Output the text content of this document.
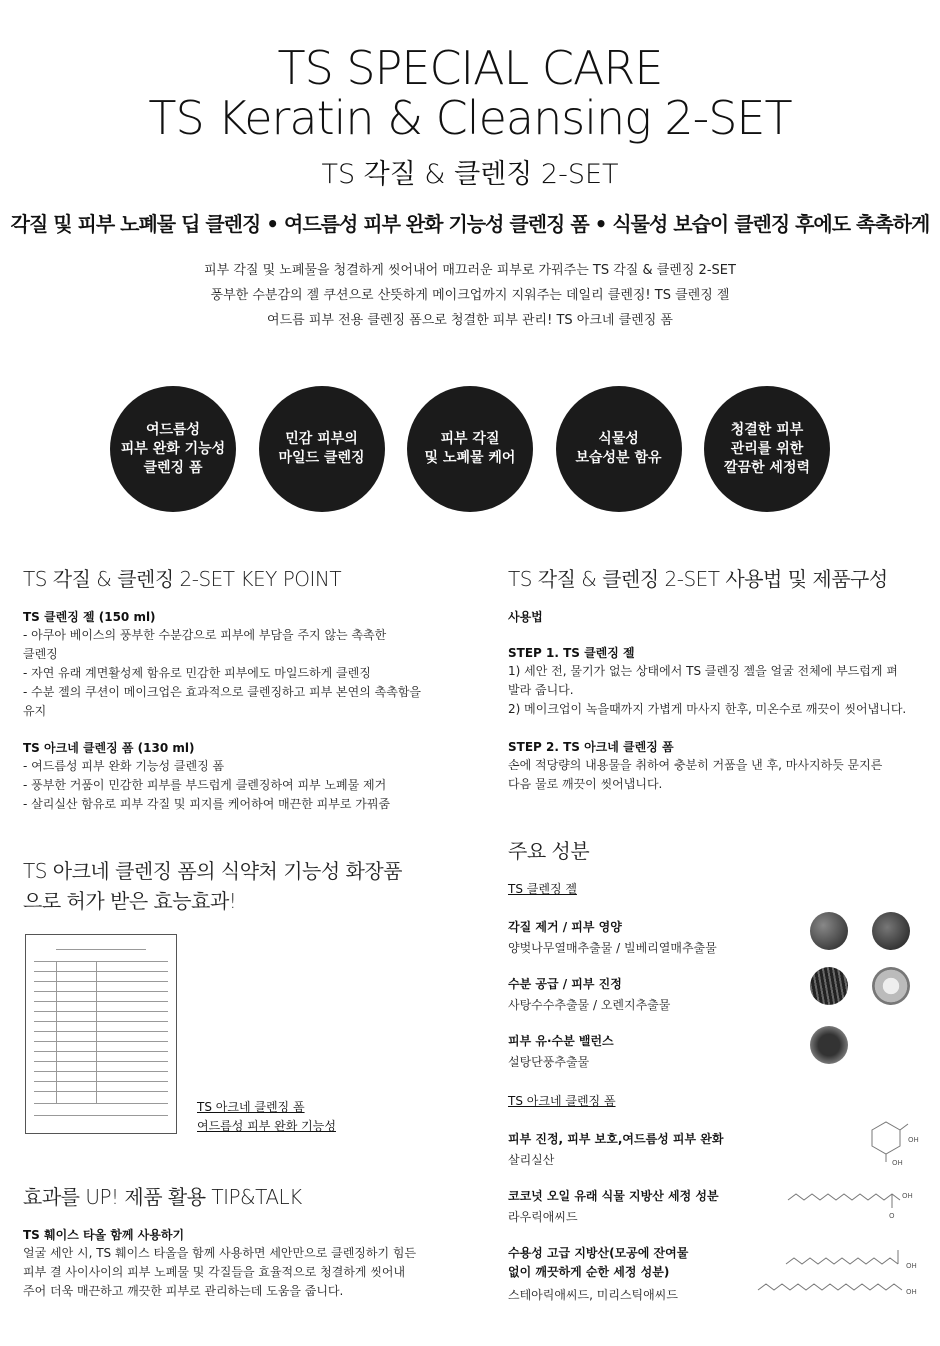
TS SPECIAL CARE
TS Keratin & Cleansing 2-SET
TS 각질 & 클렌징 2-SET
각질 및 피부 노폐물 딥 클렌징 • 여드름성 피부 완화 기능성 클렌징 폼 • 식물성 보습이 클렌징 후에도 촉촉하게
피부 각질 및 노폐물을 청결하게 씻어내어 매끄러운 피부로 가꿔주는 TS 각질 & 클렌징 2-SET
풍부한 수분감의 젤 쿠션으로 산뜻하게 메이크업까지 지워주는 데일리 클렌징! TS 클렌징 젤
여드름 피부 전용 클렌징 폼으로 청결한 피부 관리! TS 아크네 클렌징 폼
여드름성
피부 완화 기능성
클렌징 폼
민감 피부의
마일드 클렌징
피부 각질
및 노폐물 케어
식물성
보습성분 함유
청결한 피부
관리를 위한
깔끔한 세정력
TS 각질 & 클렌징 2-SET KEY POINT
TS 클렌징 젤 (150 ml)
- 아쿠아 베이스의 풍부한 수분감으로 피부에 부담을 주지 않는 촉촉한
클렌징
- 자연 유래 계면활성제 함유로 민감한 피부에도 마일드하게 클렌징
- 수분 젤의 쿠션이 메이크업은 효과적으로 클렌징하고 피부 본연의 촉촉함을
유지
TS 아크네 클렌징 폼 (130 ml)
- 여드름성 피부 완화 기능성 클렌징 폼
- 풍부한 거품이 민감한 피부를 부드럽게 클렌징하여 피부 노폐물 제거
- 살리실산 함유로 피부 각질 및 피지를 케어하여 매끈한 피부로 가꿔줌
TS 아크네 클렌징 폼의 식약처 기능성 화장품
으로 허가 받은 효능효과!
TS 아크네 클렌징 폼
여드름성 피부 완화 기능성
효과를 UP! 제품 활용 TIP&TALK
TS 훼이스 타올 함께 사용하기
얼굴 세안 시, TS 훼이스 타올을 함께 사용하면 세안만으로 클렌징하기 힘든
피부 결 사이사이의 피부 노폐물 및 각질들을 효율적으로 청결하게 씻어내
주어 더욱 매끈하고 깨끗한 피부로 관리하는데 도움을 줍니다.
TS 각질 & 클렌징 2-SET 사용법 및 제품구성
사용법
STEP 1. TS 클렌징 젤
1) 세안 전, 물기가 없는 상태에서 TS 클렌징 젤을 얼굴 전체에 부드럽게 펴
발라 줍니다.
2) 메이크업이 녹을때까지 가볍게 마사지 한후, 미온수로 깨끗이 씻어냅니다.
STEP 2. TS 아크네 클렌징 폼
손에 적당량의 내용물을 취하여 충분히 거품을 낸 후, 마사지하듯 문지른
다음 물로 깨끗이 씻어냅니다.
주요 성분
TS 클렌징 젤
각질 제거 / 피부 영양
양벚나무열매추출물 / 빌베리열매추출물
수분 공급 / 피부 진정
사탕수수추출물 / 오렌지추출물
피부 유·수분 밸런스
설탕단풍추출물
TS 아크네 클렌징 폼
피부 진정, 피부 보호,여드름성 피부 완화
살리실산
OH
OH
코코넛 오일 유래 식물 지방산 세정 성분
라우릭애씨드
OH
O
수용성 고급 지방산(모공에 잔여물
없이 깨끗하게 순한 세정 성분)
스테아릭애씨드, 미리스틱애씨드
OH
OH
